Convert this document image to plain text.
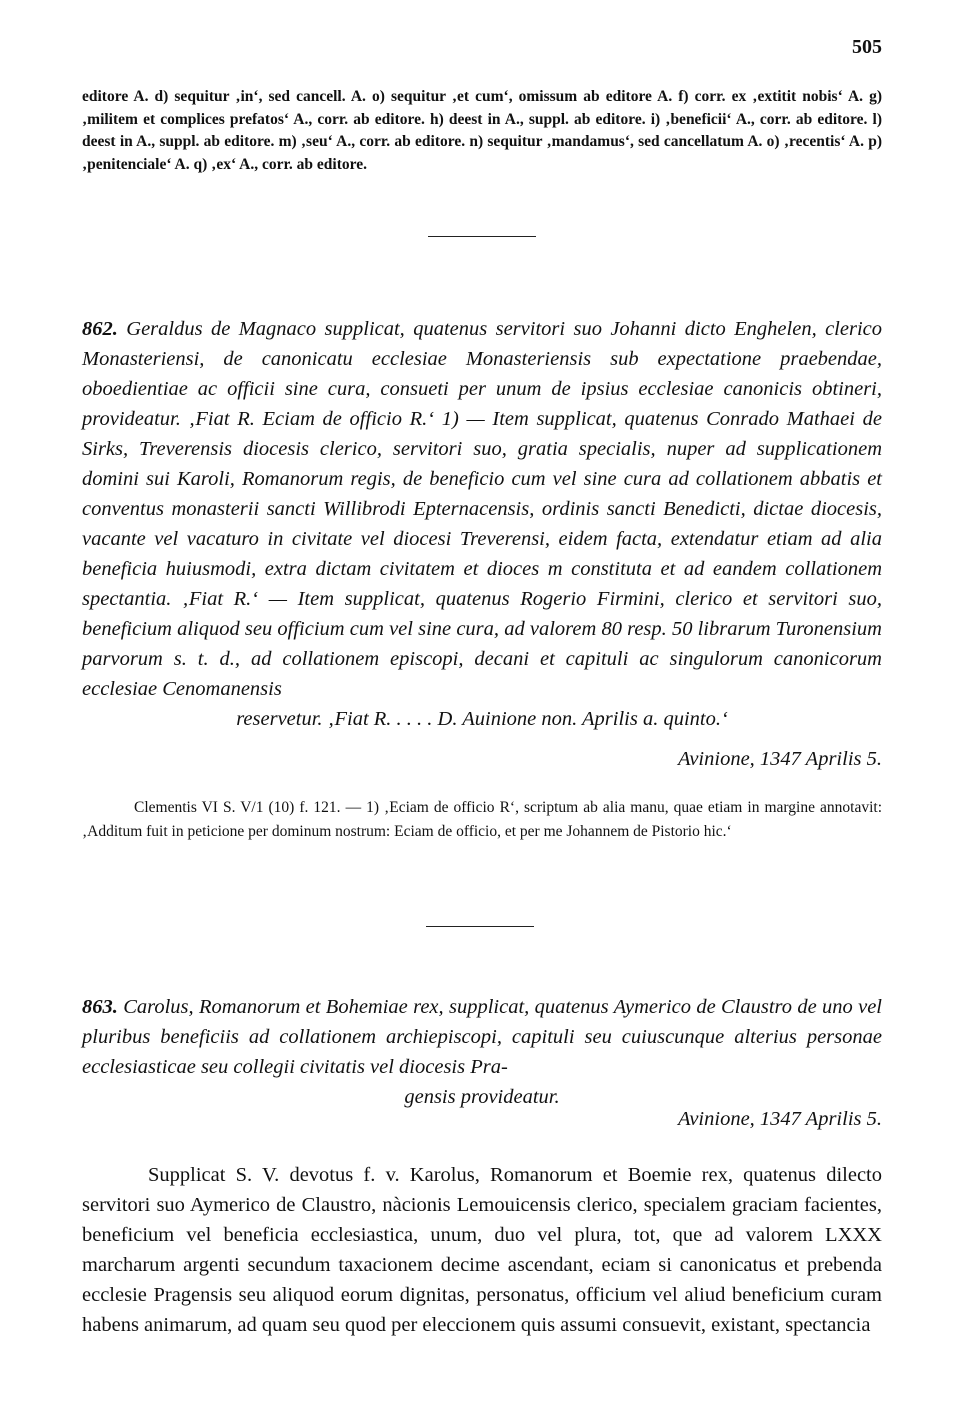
505
editore A. d) sequitur ‚in‘, sed cancell. A. o) sequitur ‚et cum‘, omissum ab editore A. f) corr. ex ‚extitit nobis‘ A. g) ‚militem et complices prefatos‘ A., corr. ab editore. h) deest in A., suppl. ab editore. i) ‚beneficii‘ A., corr. ab editore. l) deest in A., suppl. ab editore. m) ‚seu‘ A., corr. ab editore. n) sequitur ‚mandamus‘, sed cancellatum A. o) ‚recentis‘ A. p) ‚penitenciale‘ A. q) ‚ex‘ A., corr. ab editore.
862. Geraldus de Magnaco supplicat, quatenus servitori suo Johanni dicto Enghelen, clerico Monasteriensi, de canonicatu ecclesiae Monasteriensis sub expectatione praebendae, oboedientiae ac officii sine cura, consueti per unum de ipsius ecclesiae canonicis obtineri, provideatur. ‚Fiat R. Eciam de officio R.‘ 1) — Item supplicat, quatenus Conrado Mathaei de Sirks, Treverensis diocesis clerico, servitori suo, gratia specialis, nuper ad supplicationem domini sui Karoli, Romanorum regis, de beneficio cum vel sine cura ad collationem abbatis et conventus monasterii sancti Willibrodi Epternacensis, ordinis sancti Benedicti, dictae diocesis, vacante vel vacaturo in civitate vel diocesi Treverensi, eidem facta, extendatur etiam ad alia beneficia huiusmodi, extra dictam civitatem et dioces m constituta et ad eandem collationem spectantia. ‚Fiat R.‘ — Item supplicat, quatenus Rogerio Firmini, clerico et servitori suo, beneficium aliquod seu officium cum vel sine cura, ad valorem 80 resp. 50 librarum Turonensium parvorum s. t. d., ad collationem episcopi, decani et capituli ac singulorum canonicorum ecclesiae Cenomanensis
reservetur. ‚Fiat R. . . . . D. Auinione non. Aprilis a. quinto.‘
Avinione, 1347 Aprilis 5.
Clementis VI S. V/1 (10) f. 121. — 1) ‚Eciam de officio R‘, scriptum ab alia manu, quae etiam in margine annotavit: ‚Additum fuit in peticione per dominum nostrum: Eciam de officio, et per me Johannem de Pistorio hic.‘
863. Carolus, Romanorum et Bohemiae rex, supplicat, quatenus Aymerico de Claustro de uno vel pluribus beneficiis ad collationem archiepiscopi, capituli seu cuiuscunque alterius personae ecclesiasticae seu collegii civitatis vel diocesis Pra-
gensis provideatur.
Avinione, 1347 Aprilis 5.
Supplicat S. V. devotus f. v. Karolus, Romanorum et Boemie rex, quatenus dilecto servitori suo Aymerico de Claustro, nàcionis Lemouicensis clerico, specialem graciam facientes, beneficium vel beneficia ecclesiastica, unum, duo vel plura, tot, que ad valorem LXXX marcharum argenti secundum taxacionem decime ascendant, eciam si canonicatus et prebenda ecclesie Pragensis seu aliquod eorum dignitas, personatus, officium vel aliud beneficium curam habens animarum, ad quam seu quod per eleccionem quis assumi consuevit, existant, spectancia
